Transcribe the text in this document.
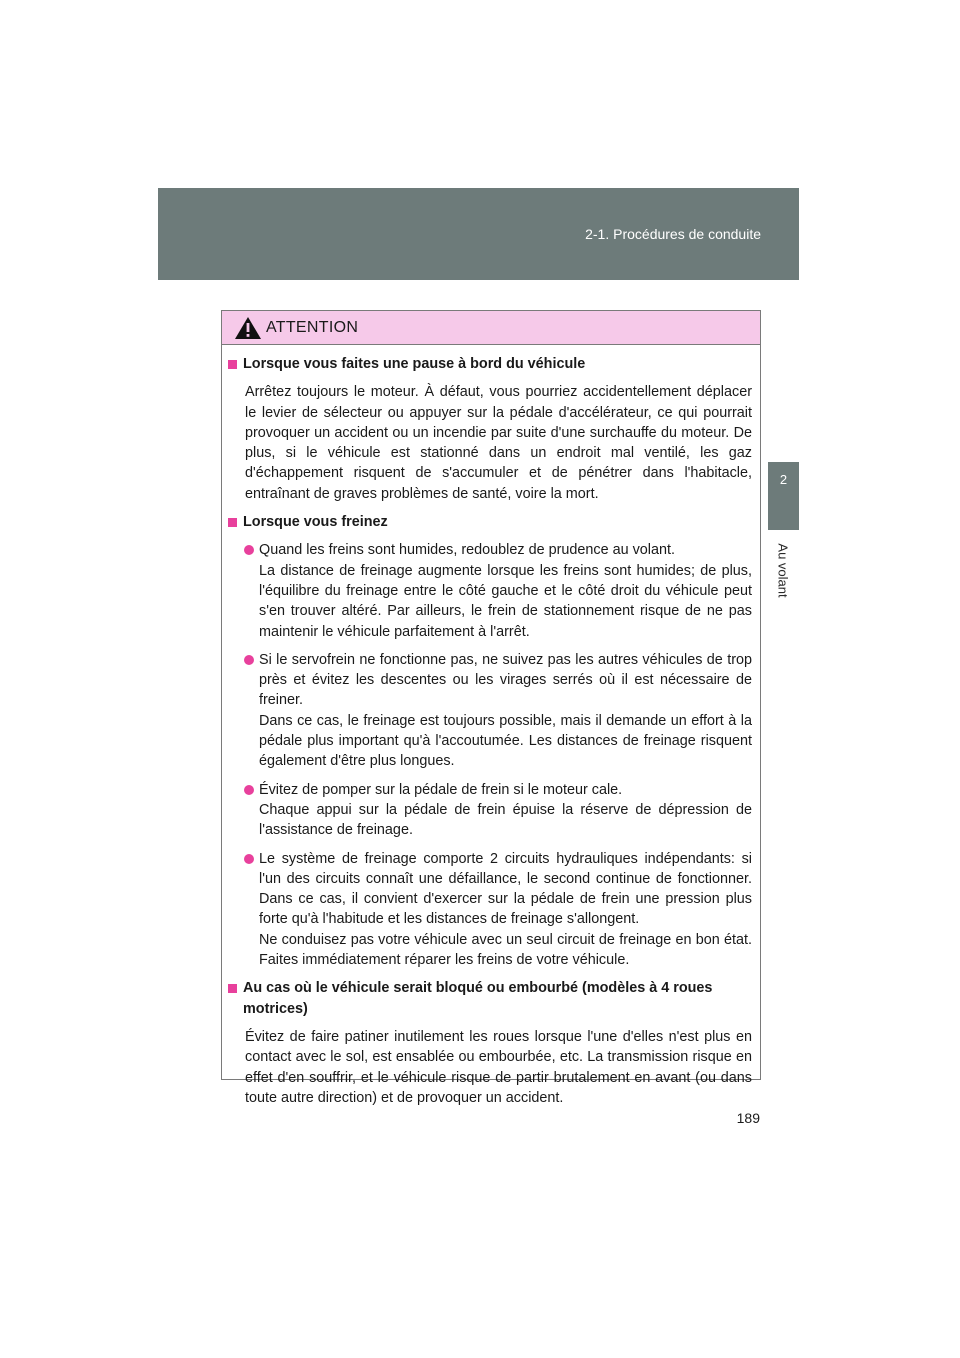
2-1. Procédures de conduite
2
Au volant
ATTENTION
Lorsque vous faites une pause à bord du véhicule
Arrêtez toujours le moteur. À défaut, vous pourriez accidentellement déplacer le levier de sélecteur ou appuyer sur la pédale d'accélérateur, ce qui pourrait provoquer un accident ou un incendie par suite d'une surchauffe du moteur. De plus, si le véhicule est stationné dans un endroit mal ventilé, les gaz d'échappement risquent de s'accumuler et de pénétrer dans l'habitacle, entraînant de graves problèmes de santé, voire la mort.
Lorsque vous freinez

Quand les freins sont humides, redoublez de prudence au volant.

La distance de freinage augmente lorsque les freins sont humides; de plus, l'équilibre du freinage entre le côté gauche et le côté droit du véhicule peut s'en trouver altéré. Par ailleurs, le frein de stationnement risque de ne pas maintenir le véhicule parfaitement à l'arrêt.

Si le servofrein ne fonctionne pas, ne suivez pas les autres véhicules de trop près et évitez les descentes ou les virages serrés où il est nécessaire de freiner.

Dans ce cas, le freinage est toujours possible, mais il demande un effort à la pédale plus important qu'à l'accoutumée. Les distances de freinage risquent également d'être plus longues.

Évitez de pomper sur la pédale de frein si le moteur cale.

Chaque appui sur la pédale de frein épuise la réserve de dépression de l'assistance de freinage.

Le système de freinage comporte 2 circuits hydrauliques indépendants: si l'un des circuits connaît une défaillance, le second continue de fonctionner. Dans ce cas, il convient d'exercer sur la pédale de frein une pression plus forte qu'à l'habitude et les distances de freinage s'allongent.

Ne conduisez pas votre véhicule avec un seul circuit de freinage en bon état. Faites immédiatement réparer les freins de votre véhicule.

Au cas où le véhicule serait bloqué ou embourbé (modèles à 4 roues motrices)
Évitez de faire patiner inutilement les roues lorsque l'une d'elles n'est plus en contact avec le sol, est ensablée ou embourbée, etc. La transmission risque en effet d'en souffrir, et le véhicule risque de partir brutalement en avant (ou dans toute autre direction) et de provoquer un accident.
189
